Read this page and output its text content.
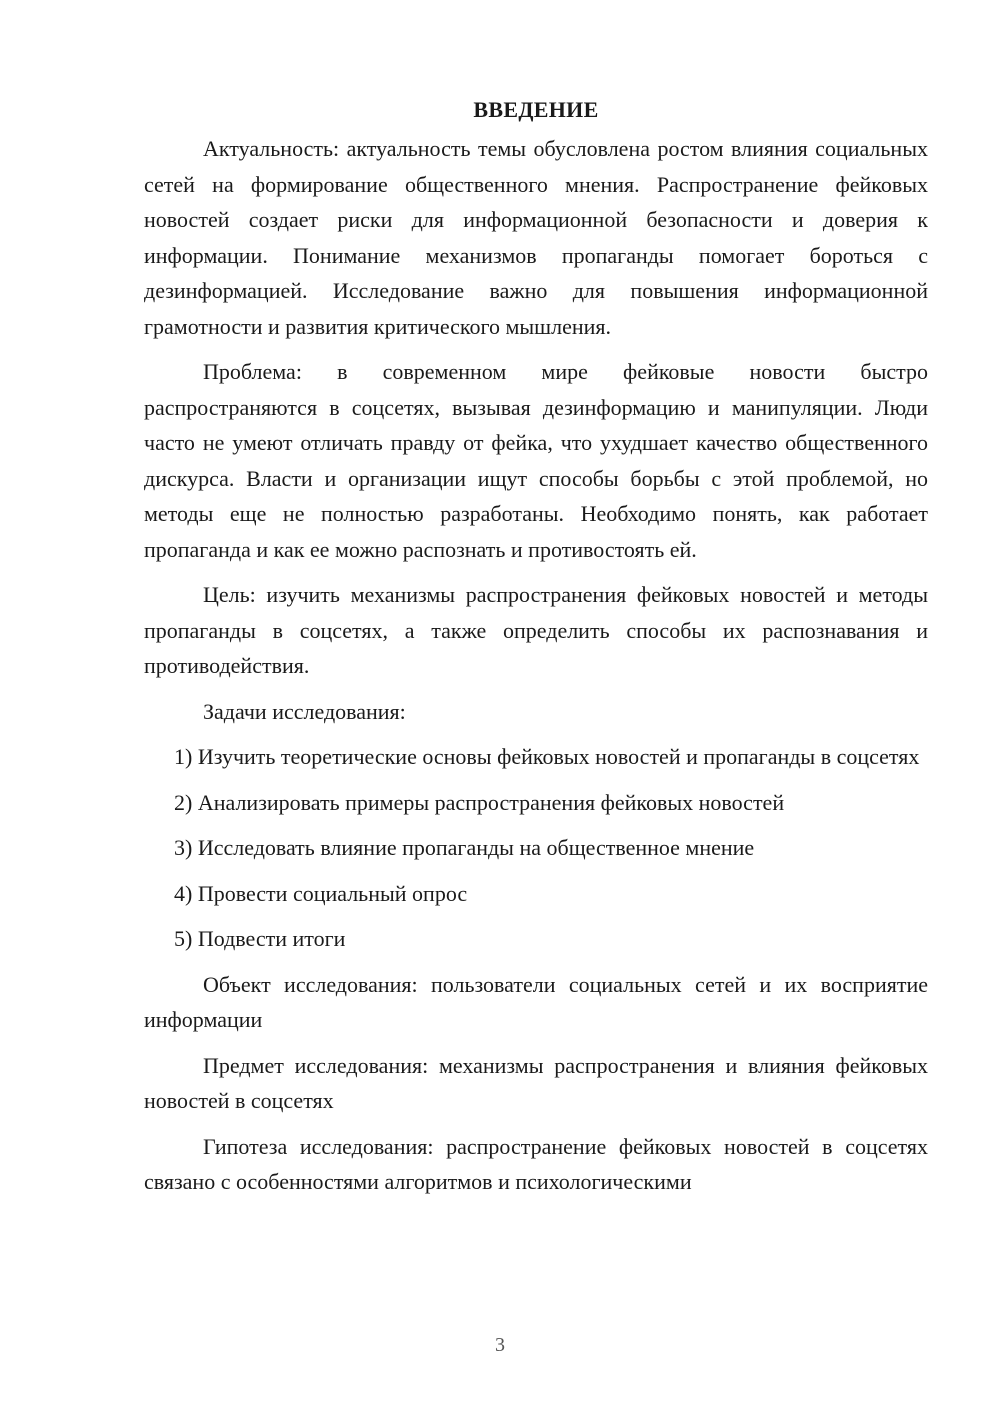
ВВЕДЕНИЕ

Актуальность: актуальность темы обусловлена ростом влияния социальных сетей на формирование общественного мнения. Распространение фейковых новостей создает риски для информационной безопасности и доверия к информации. Понимание механизмов пропаганды помогает бороться с дезинформацией. Исследование важно для повышения информационной грамотности и развития критического мышления.

Проблема: в современном мире фейковые новости быстро распространяются в соцсетях, вызывая дезинформацию и манипуляции. Люди часто не умеют отличать правду от фейка, что ухудшает качество общественного дискурса. Власти и организации ищут способы борьбы с этой проблемой, но методы еще не полностью разработаны. Необходимо понять, как работает пропаганда и как ее можно распознать и противостоять ей.

Цель: изучить механизмы распространения фейковых новостей и методы пропаганды в соцсетях, а также определить способы их распознавания и противодействия.

Задачи исследования:

1) Изучить теоретические основы фейковых новостей и пропаганды в соцсетях

2) Анализировать примеры распространения фейковых новостей

3) Исследовать влияние пропаганды на общественное мнение

4) Провести социальный опрос

5) Подвести итоги

Объект исследования: пользователи социальных сетей и их восприятие информации

Предмет исследования: механизмы распространения и влияния фейковых новостей в соцсетях

Гипотеза исследования: распространение фейковых новостей в соцсетях связано с особенностями алгоритмов и психологическими

3
